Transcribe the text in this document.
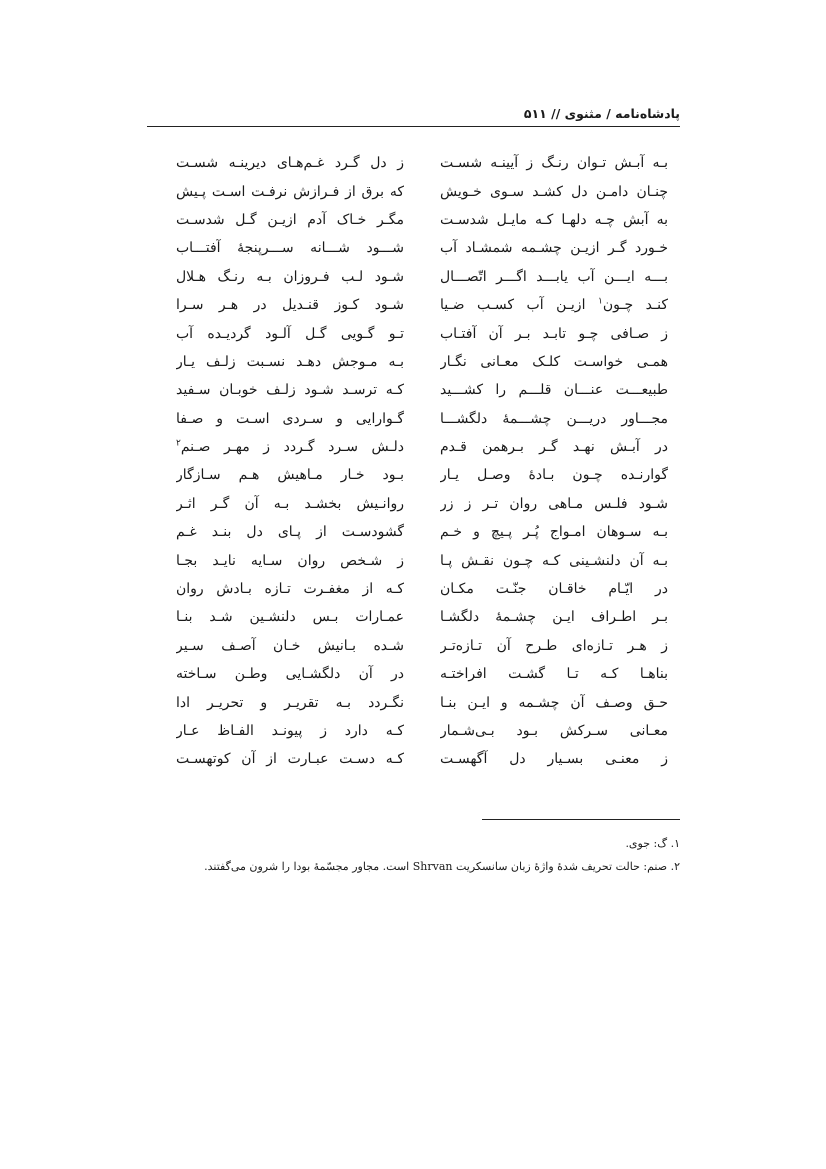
پادشاه‌نامه / مثنوی // ۵۱۱
بـه آبـش تـوان رنـگ ز آیینـه شسـت
ز دل گـرد غـم‌هـای دیرینـه شسـت
چنـان دامـن دل کشـد سـوی خـویش
که برق از فـرازش نرفـت اسـت پـیش
به آبش چـه دلهـا کـه مایـل شدسـت
مگـر خـاک آدم ازیـن گـل شدسـت
خـورد گـر ازیـن چشـمه شمشـاد آب
شـــود شـــانه ســـرپنجهٔ آفتـــاب
بـــه ایـــن آب یابـــد اگـــر اتّصـــال
شـود لـب فـروزان بـه رنـگ هـلال
کنـد چـون$^۱$ ازیـن آب کسـب ضـیا
شـود کـوز قنـدیل در هـر سـرا
ز صـافی چـو تابـد بـر آن آفتـاب
تـو گـویی گـل آلـود گردیـده آب
همـی خواسـت کلـک معـانی نگـار
بـه مـوجش دهـد نسـبت زلـف یـار
طبیعـــت عنـــان قلـــم را کشـــید
کـه ترسـد شـود زلـف خوبـان سـفید
مجـــاور دریـــن چشـــمهٔ دلگشـــا
گـوارایی و سـردی اسـت و صـفا
در آبـش نهـد گـر بـرهمن قـدم
دلـش سـرد گـردد ز مهـر صـنم$^۲$
گوارنـده چـون بـادهٔ وصـل یـار
بـود خـار مـاهیش هـم سـازگار
شـود فلـس مـاهی روان تـر ز زر
روانـیش بخشـد بـه آن گـر اثـر
بـه سـوهان امـواج پُـر پـیچ و خـم
گشودسـت از پـای دل بنـد غـم
بـه آن دلنشـینی کـه چـون نقـش پـا
ز شـخص روان سـایه نایـد بجـا
در ایّـام خاقـان جنّـت مکـان
کـه از مغفـرت تـازه بـادش روان
بـر اطـراف ایـن چشـمهٔ دلگشـا
عمـارات بـس دلنشـین شـد بنـا
ز هـر تـازه‌ای طـرح آن تـازه‌تـر
شـده بـانیش خـان آصـف سـیر
بناهـا کـه تـا گشـت افراختـه
در آن دلگشـایی وطـن سـاخته
حـق وصـف آن چشـمه و ایـن بنـا
نگـردد بـه تقریـر و تحریـر ادا
معـانی سـرکش بـود بـی‌شـمار
کـه دارد ز پیونـد الفـاظ عـار
ز معنـی بسـیار دل آگهسـت
کـه دسـت عبـارت از آن کوتهسـت
۱. گ: جوی.
۲. صنم: حالت تحریف شدهٔ واژهٔ زبان سانسکریت Shrvan است. مجاور مجسّمهٔ بودا را شرون می‌گفتند.
